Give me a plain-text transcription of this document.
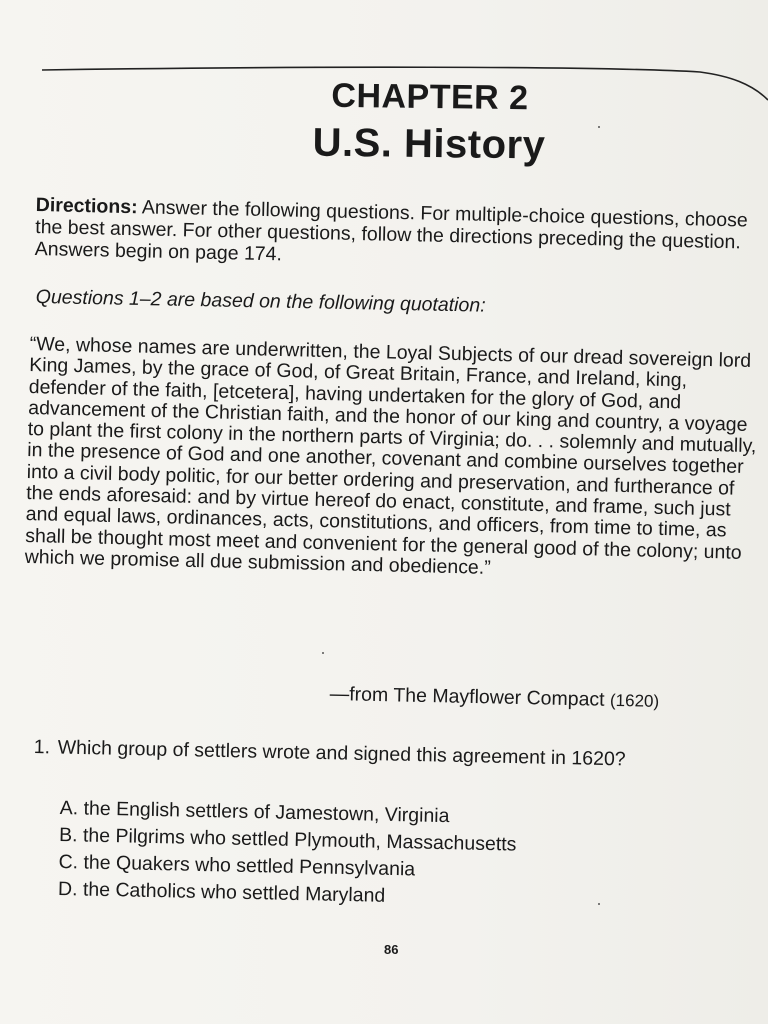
CHAPTER 2
U.S. History
Directions: Answer the following questions. For multiple-choice questions, choose the best answer. For other questions, follow the directions preceding the question. Answers begin on page 174.
Questions 1–2 are based on the following quotation:
“We, whose names are underwritten, the Loyal Subjects of our dread sovereign lord King James, by the grace of God, of Great Britain, France, and Ireland, king, defender of the faith, [etcetera], having undertaken for the glory of God, and advancement of the Christian faith, and the honor of our king and country, a voyage to plant the first colony in the northern parts of Virginia; do. . . solemnly and mutually, in the presence of God and one another, covenant and combine ourselves together into a civil body politic, for our better ordering and preservation, and furtherance of the ends aforesaid: and by virtue hereof do enact, constitute, and frame, such just and equal laws, ordinances, acts, constitutions, and officers, from time to time, as shall be thought most meet and convenient for the general good of the colony; unto which we promise all due submission and obedience.”
—from The Mayflower Compact (1620)
1. Which group of settlers wrote and signed this agreement in 1620?
A. the English settlers of Jamestown, Virginia
B. the Pilgrims who settled Plymouth, Massachusetts
C. the Quakers who settled Pennsylvania
D. the Catholics who settled Maryland
86
